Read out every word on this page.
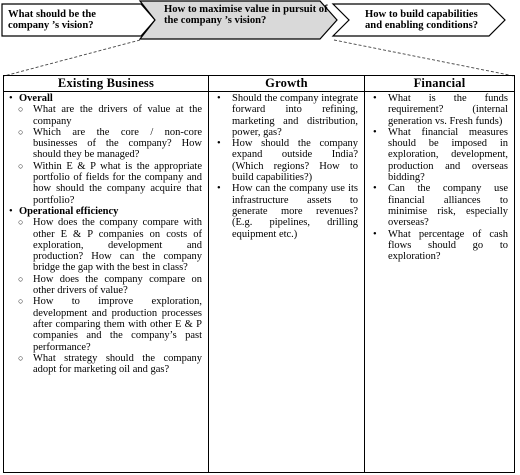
What should be the company ’s vision?
How to maximise value in pursuit of the company ’s vision?
How to build capabilities and enabling conditions?
Existing Business
• Overall
○ What are the drivers of value at the company
○ Which are the core / non-core businesses of the company? How should they be managed?
○ Within E & P what is the appropriate portfolio of fields for the company and how should the company acquire that portfolio?
• Operational efficiency
○ How does the company compare with other E & P companies on costs of exploration, development and production? How can the company bridge the gap with the best in class?
○ How does the company compare on other drivers of value?
○ How to improve exploration, development and production processes after comparing them with other E & P companies and the company’s past performance?
○ What strategy should the company adopt for marketing oil and gas?
Growth
• Should the company integrate forward into refining, marketing and distribution, power, gas?
• How should the company expand outside India? (Which regions? How to build capabilities?)
• How can the company use its infrastructure assets to generate more revenues? (E.g. pipelines, drilling equipment etc.)
Financial
• What is the funds requirement? (internal generation vs. Fresh funds)
• What financial measures should be imposed in exploration, development, production and overseas bidding?
• Can the company use financial alliances to minimise risk, especially overseas?
• What percentage of cash flows should go to exploration?
